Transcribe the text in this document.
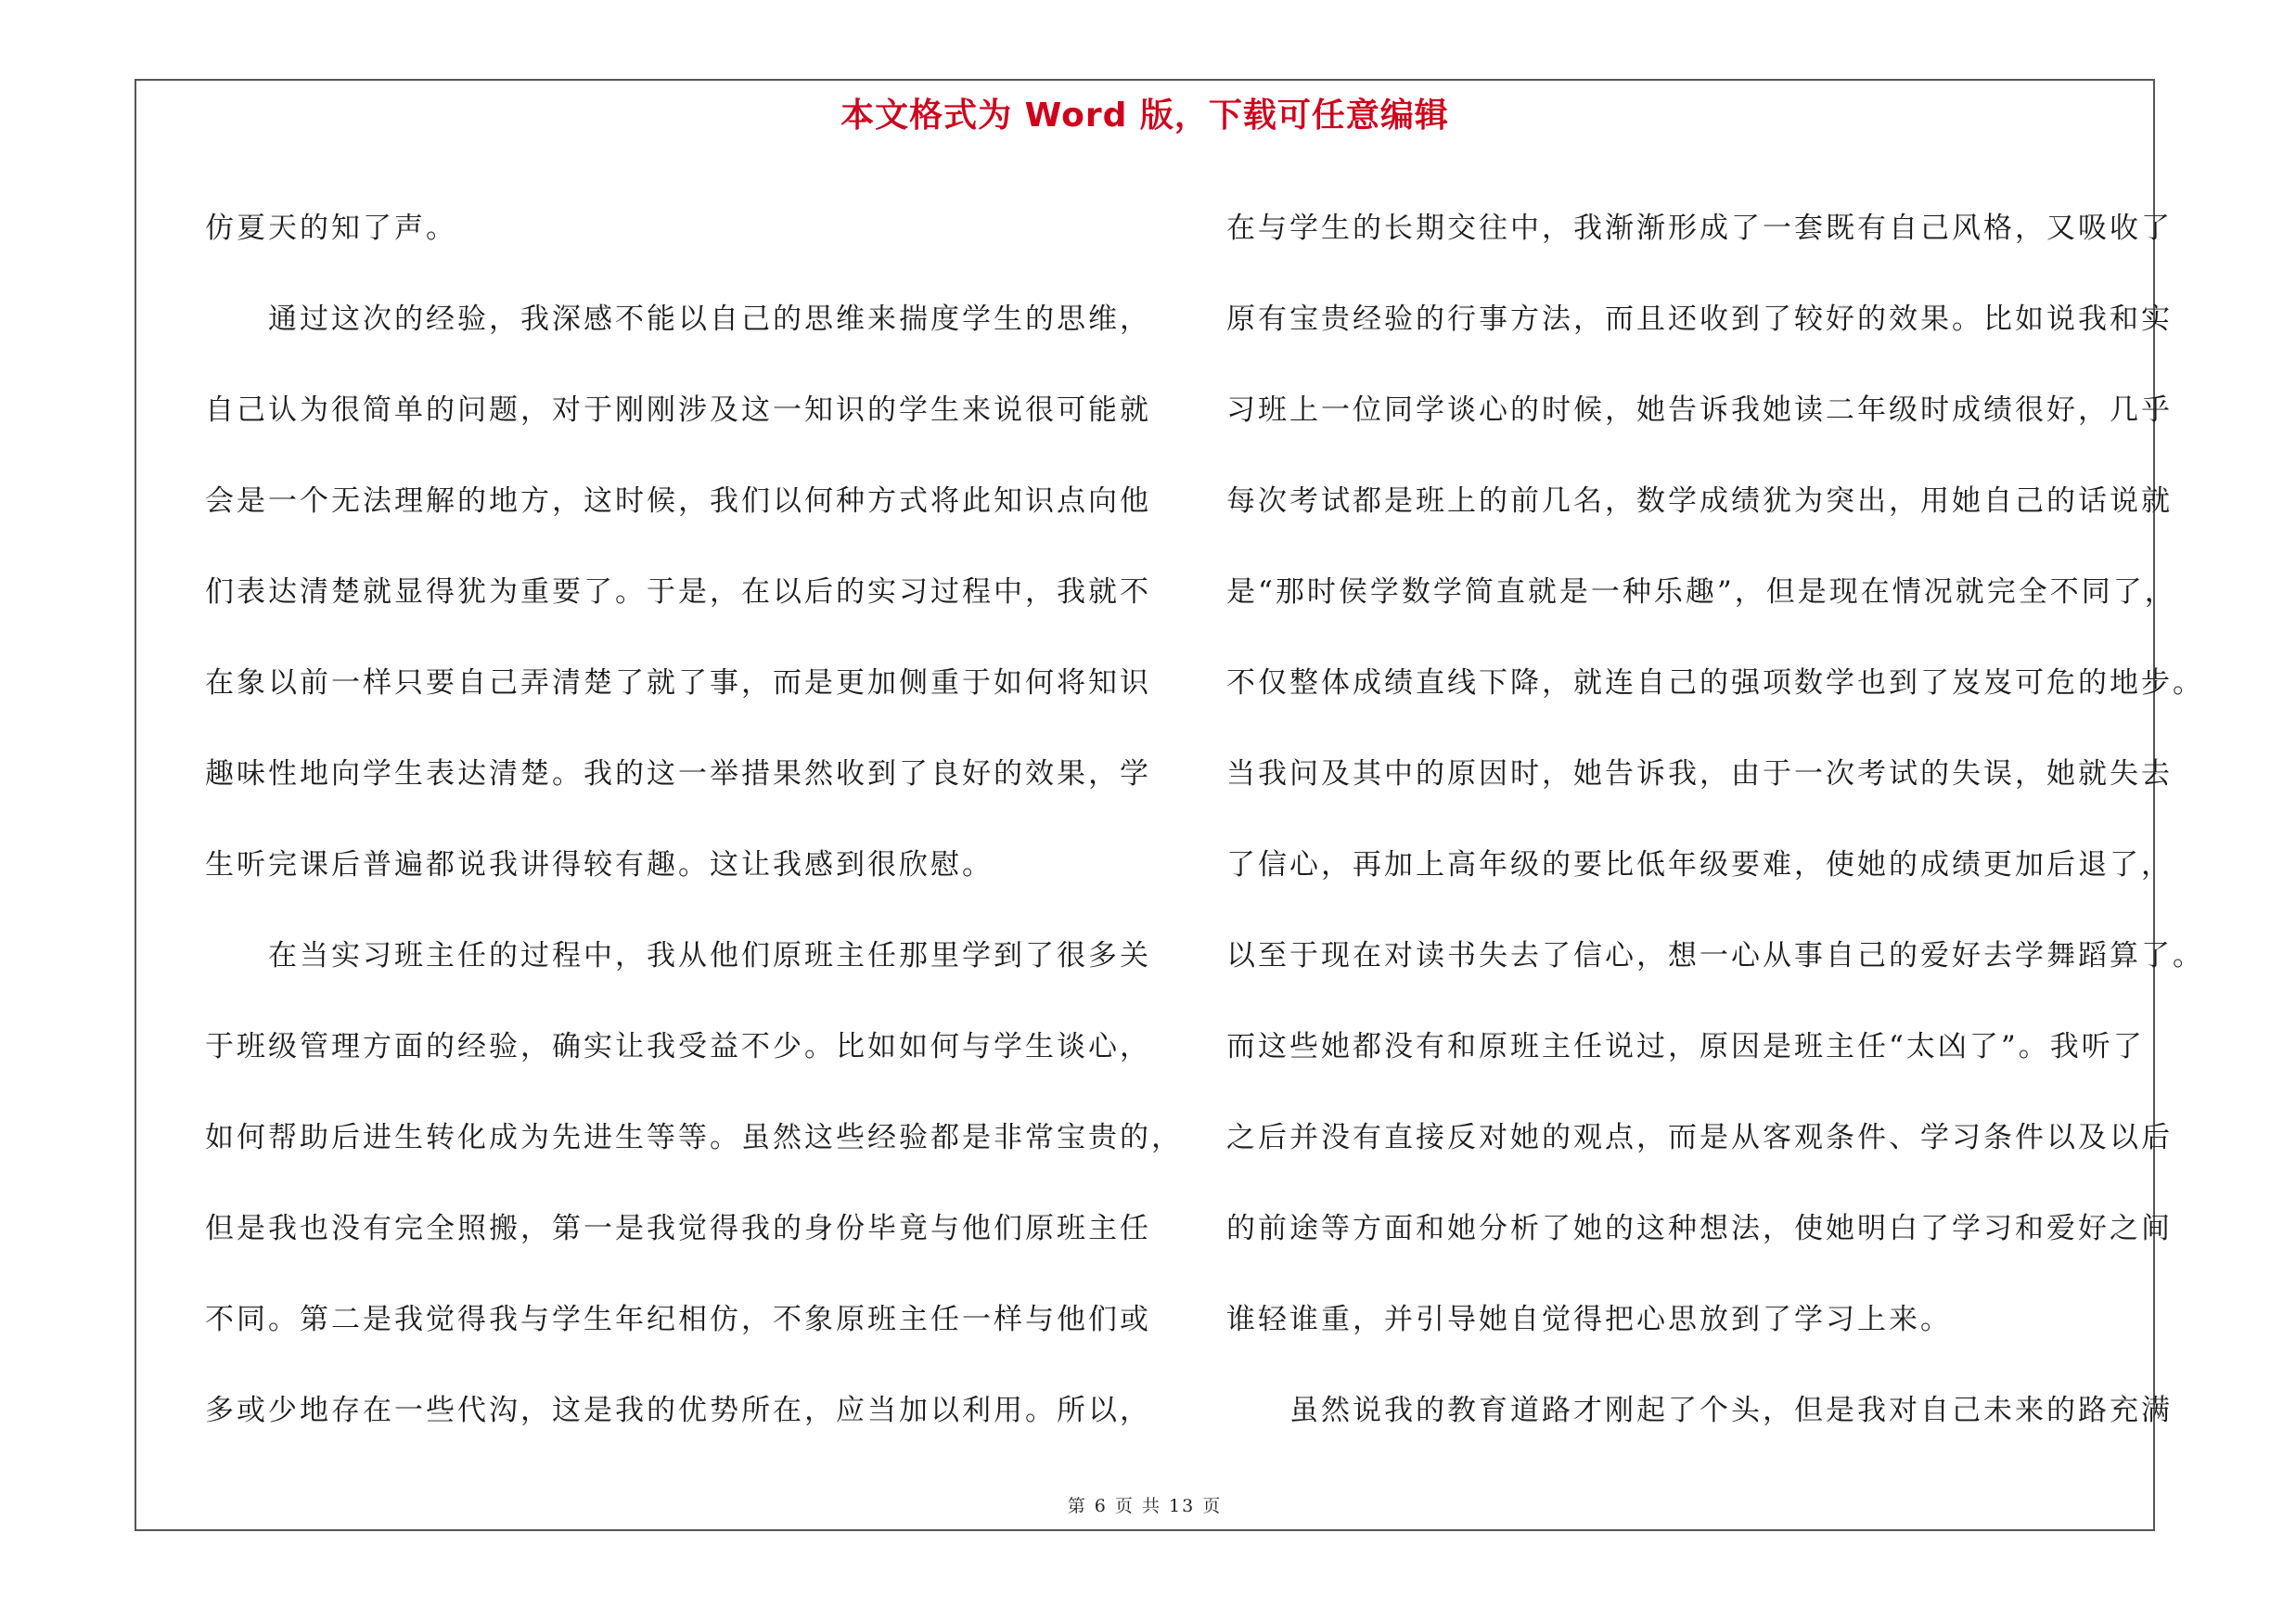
本文格式为 Word 版，下载可任意编辑
仿夏天的知了声。
　　通过这次的经验，我深感不能以自己的思维来揣度学生的思维，
自己认为很简单的问题，对于刚刚涉及这一知识的学生来说很可能就
会是一个无法理解的地方，这时候，我们以何种方式将此知识点向他
们表达清楚就显得犹为重要了。于是，在以后的实习过程中，我就不
在象以前一样只要自己弄清楚了就了事，而是更加侧重于如何将知识
趣味性地向学生表达清楚。我的这一举措果然收到了良好的效果，学
生听完课后普遍都说我讲得较有趣。这让我感到很欣慰。
　　在当实习班主任的过程中，我从他们原班主任那里学到了很多关
于班级管理方面的经验，确实让我受益不少。比如如何与学生谈心，
如何帮助后进生转化成为先进生等等。虽然这些经验都是非常宝贵的，
但是我也没有完全照搬，第一是我觉得我的身份毕竟与他们原班主任
不同。第二是我觉得我与学生年纪相仿，不象原班主任一样与他们或
多或少地存在一些代沟，这是我的优势所在，应当加以利用。所以，
在与学生的长期交往中，我渐渐形成了一套既有自己风格，又吸收了
原有宝贵经验的行事方法，而且还收到了较好的效果。比如说我和实
习班上一位同学谈心的时候，她告诉我她读二年级时成绩很好，几乎
每次考试都是班上的前几名，数学成绩犹为突出，用她自己的话说就
是“那时侯学数学简直就是一种乐趣”，但是现在情况就完全不同了，
不仅整体成绩直线下降，就连自己的强项数学也到了岌岌可危的地步。
当我问及其中的原因时，她告诉我，由于一次考试的失误，她就失去
了信心，再加上高年级的要比低年级要难，使她的成绩更加后退了，
以至于现在对读书失去了信心，想一心从事自己的爱好去学舞蹈算了。
而这些她都没有和原班主任说过，原因是班主任“太凶了”。我听了
之后并没有直接反对她的观点，而是从客观条件、学习条件以及以后
的前途等方面和她分析了她的这种想法，使她明白了学习和爱好之间
谁轻谁重，并引导她自觉得把心思放到了学习上来。
　　虽然说我的教育道路才刚起了个头，但是我对自己未来的路充满
第 6 页 共 13 页
